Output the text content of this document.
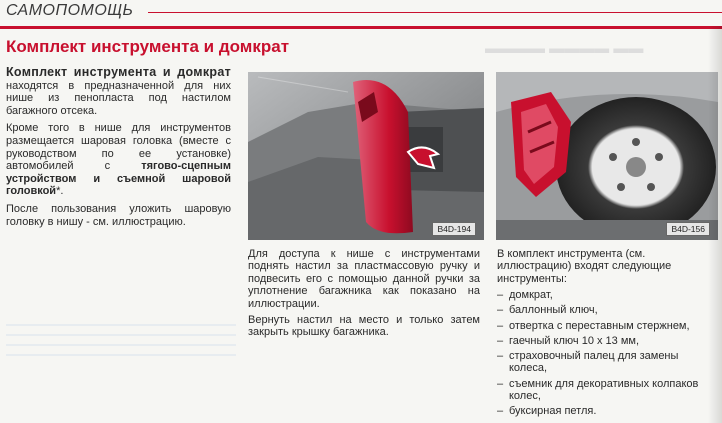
САМОПОМОЩЬ
▬▬▬▬ ▬▬▬▬ ▬▬
Комплект инструмента и домкрат

Комплект инструмента и домкрат находятся в предназначенной для них нише из пенопласта под настилом багажного отсека.

Кроме того в нише для инструментов размещается шаровая головка (вместе с руководством по ее установке) автомобилей с тягово-сцепным устройством и съемной шаровой головкой*.

После пользования уложить шаровую головку в нишу - см. иллюстрацию.

B4D-194	B4D-156

Для доступа к нише с инструментами поднять настил за пластмассовую ручку и подвесить его с помощью данной ручки за уплотнение багажника как показано на иллюстрации.

Вернуть настил на место и только затем закрыть крышку багажника.

В комплект инструмента (см. иллюстрацию) входят следующие инструменты:

– домкрат,
– баллонный ключ,
– отвертка с переставным стержнем,
– гаечный ключ 10 x 13 мм,
– страховочный палец для замены колеса,
– съемник для декоративных колпаков колес,
– буксирная петля.
